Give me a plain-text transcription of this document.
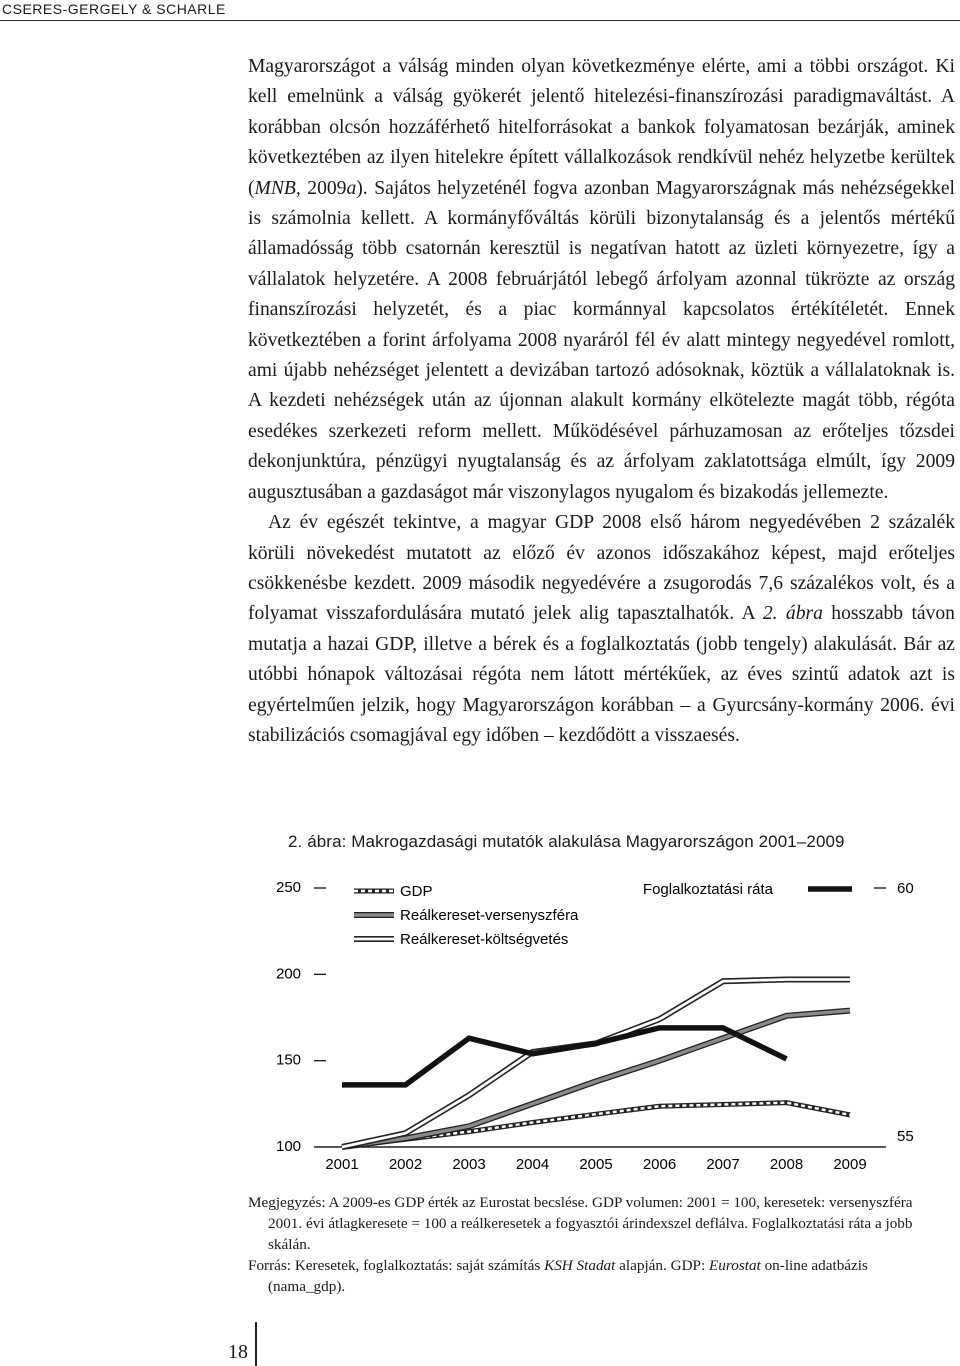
CSERES-GERGELY & SCHARLE

Magyarországot a válság minden olyan következménye elérte, ami a többi országot. Ki kell emelnünk a válság gyökerét jelentő hitelezési-finanszírozási paradigmaváltást. A korábban olcsón hozzáférhető hitelforrásokat a bankok folyamatosan bezárják, aminek következtében az ilyen hitelekre épített vállalkozások rendkívül nehéz helyzetbe kerültek (MNB, 2009a). Sajátos helyzeténél fogva azonban Magyarországnak más nehézségekkel is számolnia kellett. A kormányfőváltás körüli bizonytalanság és a jelentős mértékű államadósság több csatornán keresztül is negatívan hatott az üzleti környezetre, így a vállalatok helyzetére. A 2008 februárjától lebegő árfolyam azonnal tükrözte az ország finanszírozási helyzetét, és a piac kormánnyal kapcsolatos értékítéletét. Ennek következtében a forint árfolyama 2008 nyaráról fél év alatt mintegy negyedével romlott, ami újabb nehézséget jelentett a devizában tartozó adósoknak, köztük a vállalatoknak is. A kezdeti nehézségek után az újonnan alakult kormány elkötelezte magát több, régóta esedékes szerkezeti reform mellett. Működésével párhuzamosan az erőteljes tőzsdei dekonjunktúra, pénzügyi nyugtalanság és az árfolyam zaklatottsága elmúlt, így 2009 augusztusában a gazdaságot már viszonylagos nyugalom és bizakodás jellemezte.

Az év egészét tekintve, a magyar GDP 2008 első három negyedévében 2 százalék körüli növekedést mutatott az előző év azonos időszakához képest, majd erőteljes csökkenésbe kezdett. 2009 második negyedévére a zsugorodás 7,6 százalékos volt, és a folyamat visszafordulására mutató jelek alig tapasztalhatók. A 2. ábra hosszabb távon mutatja a hazai GDP, illetve a bérek és a foglalkoztatás (jobb tengely) alakulását. Bár az utóbbi hónapok változásai régóta nem látott mértékűek, az éves szintű adatok azt is egyértelműen jelzik, hogy Magyarországon korábban – a Gyurcsány-kormány 2006. évi stabilizációs csomagjával egy időben – kezdődött a visszaesés.

2. ábra: Makrogazdasági mutatók alakulása Magyarországon 2001–2009
100
150
200
250
55
60
2001 2002 2003 2004 2005 2006 2007 2008 2009
GDP
Reálkereset-versenyszféra
Reálkereset-költségvetés
Foglalkoztatási ráta

Megjegyzés: A 2009-es GDP érték az Eurostat becslése. GDP volumen: 2001 = 100, keresetek: versenyszféra 2001. évi átlagkeresete = 100 a reálkeresetek a fogyasztói árindexszel deflálva. Foglalkoztatási ráta a jobb skálán.

Forrás: Keresetek, foglalkoztatás: saját számítás KSH Stadat alapján. GDP: Eurostat on-line adatbázis (nama_gdp).

18
